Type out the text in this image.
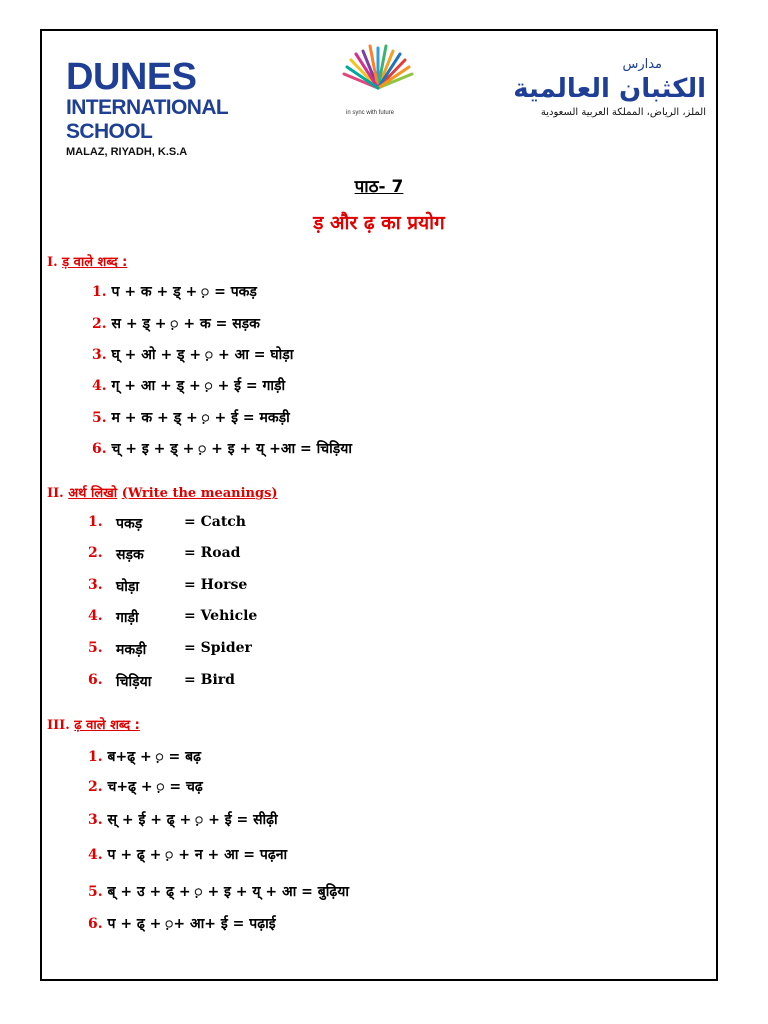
DUNES
INTERNATIONAL SCHOOL
MALAZ, RIYADH, K.S.A
in sync with future
مدارس
الكثبان العالمية
الملز، الرياض، المملكة العربية السعودية
पाठ- 7
ड़ और ढ़ का प्रयोग
I. ड़ वाले शब्द :
1. प + क + ड् + ़ = पकड़
2. स + ड् + ़ + क = सड़क
3. घ् + ओ + ड् + ़ + आ = घोड़ा
4. ग् + आ + ड् + ़ + ई = गाड़ी
5. म + क + ड् + ़ + ई = मकड़ी
6. च् + इ + ड् + ़ + इ + य् +आ = चिड़िया
II. अर्थ लिखो (Write the meanings)
1. पकड़	= Catch
2. सड़क	= Road
3. घोड़ा	= Horse
4. गाड़ी	= Vehicle
5. मकड़ी	= Spider
6. चिड़िया = Bird
III. ढ़ वाले शब्द :
1. ब+ढ् + ़ = बढ़
2. च+ढ् + ़ = चढ़
3. स् + ई + ढ् + ़ + ई = सीढ़ी
4. प + ढ् + ़ + न + आ = पढ़ना
5. ब् + उ + ढ् + ़ + इ + य् + आ = बुढ़िया
6. प + ढ् + ़+ आ+ ई = पढ़ाई
